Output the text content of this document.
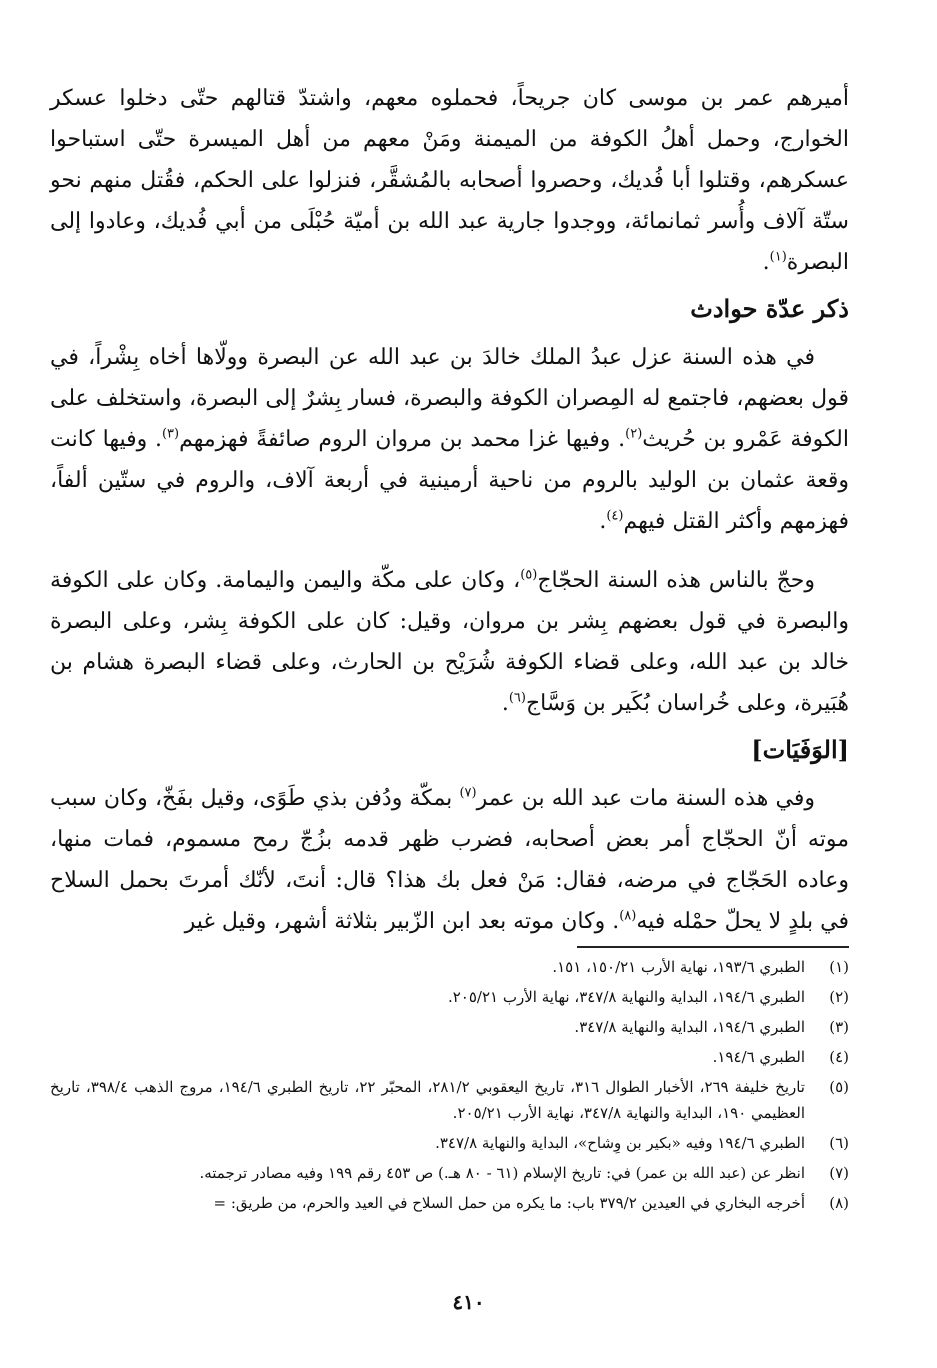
أميرهم عمر بن موسى كان جريحاً، فحملوه معهم، واشتدّ قتالهم حتّى دخلوا عسكر الخوارج، وحمل أهلُ الكوفة من الميمنة ومَنْ معهم من أهل الميسرة حتّى استباحوا عسكرهم، وقتلوا أبا فُديك، وحصروا أصحابه بالمُشقَّر، فنزلوا على الحكم، فقُتل منهم نحو ستّة آلاف وأُسر ثمانمائة، ووجدوا جارية عبد الله بن أميّة حُبْلَى من أبي فُديك، وعادوا إلى البصرة$^{(١)}$.

ذكر عدّة حوادث

في هذه السنة عزل عبدُ الملك خالدَ بن عبد الله عن البصرة وولّاها أخاه بِشْراً، في قول بعضهم، فاجتمع له المِصران الكوفة والبصرة، فسار بِشرٌ إلى البصرة، واستخلف على الكوفة عَمْرو بن حُريث$^{(٢)}$. وفيها غزا محمد بن مروان الروم صائفةً فهزمهم$^{(٣)}$. وفيها كانت وقعة عثمان بن الوليد بالروم من ناحية أرمينية في أربعة آلاف، والروم في ستّين ألفاً، فهزمهم وأكثر القتل فيهم$^{(٤)}$.

وحجّ بالناس هذه السنة الحجّاج$^{(٥)}$، وكان على مكّة واليمن واليمامة. وكان على الكوفة والبصرة في قول بعضهم بِشر بن مروان، وقيل: كان على الكوفة بِشر، وعلى البصرة خالد بن عبد الله، وعلى قضاء الكوفة شُرَيْح بن الحارث، وعلى قضاء البصرة هشام بن هُبَيرة، وعلى خُراسان بُكَير بن وَسَّاج$^{(٦)}$.

[الوَفَيَات]

وفي هذه السنة مات عبد الله بن عمر$^{(٧)}$ بمكّة ودُفن بذي طَوًى، وقيل بفَخّ، وكان سبب موته أنّ الحجّاج أمر بعض أصحابه، فضرب ظهر قدمه بزُجّ رمح مسموم، فمات منها، وعاده الحَجّاج في مرضه، فقال: مَنْ فعل بك هذا؟ قال: أنتَ، لأنّك أمرتَ بحمل السلاح في بلدٍ لا يحلّ حمْله فيه$^{(٨)}$. وكان موته بعد ابن الزّبير بثلاثة أشهر، وقيل غير

(١)
الطبري ١٩٣/٦، نهاية الأرب ١٥٠/٢١، ١٥١.
(٢)
الطبري ١٩٤/٦، البداية والنهاية ٣٤٧/٨، نهاية الأرب ٢٠٥/٢١.
(٣)
الطبري ١٩٤/٦، البداية والنهاية ٣٤٧/٨.
(٤)
الطبري ١٩٤/٦.
(٥)
تاريخ خليفة ٢٦٩، الأخبار الطوال ٣١٦، تاريخ اليعقوبي ٢٨١/٢، المحبّر ٢٢، تاريخ الطبري ١٩٤/٦، مروج الذهب ٣٩٨/٤، تاريخ العظيمي ١٩٠، البداية والنهاية ٣٤٧/٨، نهاية الأرب ٢٠٥/٢١.
(٦)
الطبري ١٩٤/٦ وفيه «بكير بن وِشاح»، البداية والنهاية ٣٤٧/٨.
(٧)
انظر عن (عبد الله بن عمر) في: تاريخ الإسلام (٦١ - ٨٠ هـ.) ص ٤٥٣ رقم ١٩٩ وفيه مصادر ترجمته.
(٨)
أخرجه البخاري في العيدين ٣٧٩/٢ باب: ما يكره من حمل السلاح في العيد والحرم، من طريق: =
٤١٠
